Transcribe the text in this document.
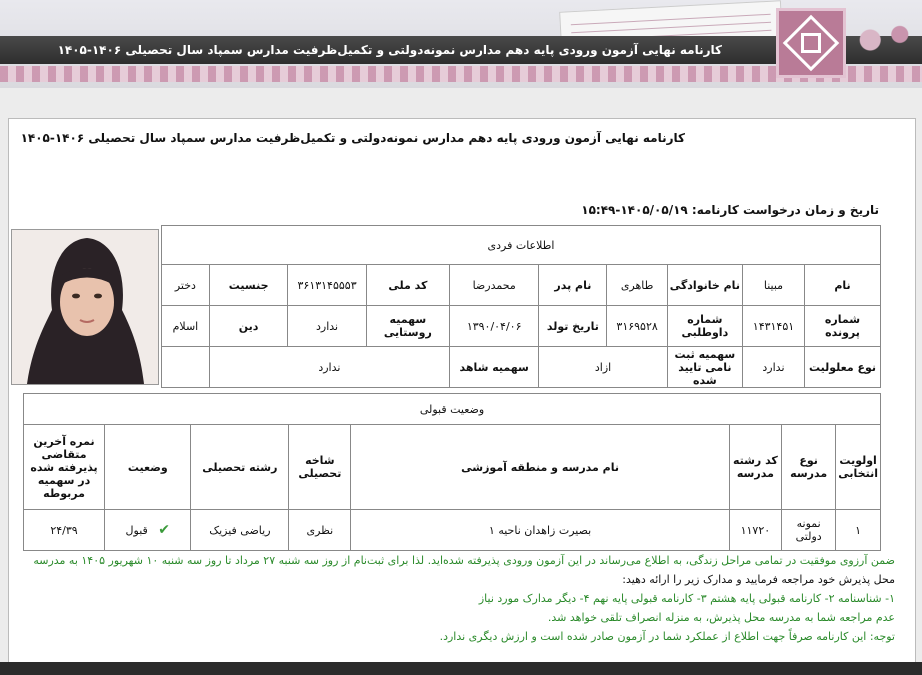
کارنامه نهایی آزمون ورودی پایه دهم مدارس نمونه‌دولتی و تکمیل‌ظرفیت مدارس سمپاد سال تحصیلی ۱۴۰۶-۱۴۰۵
کارنامه نهایی آزمون ورودی پایه دهم مدارس نمونه‌دولتی و تکمیل‌ظرفیت مدارس سمپاد سال تحصیلی ۱۴۰۶-۱۴۰۵
تاریخ و زمان درخواست کارنامه: ۱۴۰۵/۰۵/۱۹-۱۵:۴۹
اطلاعات فردی									
نام	مبینا	نام خانوادگی	طاهری	نام پدر	محمدرضا	کد ملی	۳۶۱۳۱۴۵۵۵۳	جنسیت	دختر
شماره پرونده	۱۴۳۱۴۵۱	شماره داوطلبی	۳۱۶۹۵۲۸	تاریخ تولد	۱۳۹۰/۰۴/۰۶	سهمیه روستایی	ندارد	دین	اسلام
نوع معلولیت	ندارد	سهمیه ثبت نامی تایید شده	ازاد		سهمیه شاهد	ندارد			
وضعیت قبولی							
اولویت انتخابی	نوع مدرسه	کد رشته مدرسه	نام مدرسه و منطقه آموزشی	شاخه تحصیلی	رشته تحصیلی	وضعیت	نمره آخرین متقاضی پذیرفته شده در سهمیه مربوطه
۱	نمونه دولتی	۱۱۷۲۰	بصیرت زاهدان ناحیه ۱	نظری	ریاضی فیزیک	✔   قبول	۲۴/۳۹
ضمن آرزوی موفقیت در تمامی مراحل زندگی، به اطلاع می‌رساند در این آزمون ورودی پذیرفته شده‌اید. لذا برای ثبت‌نام از روز سه شنبه ۲۷ مرداد تا روز سه شنبه ۱۰ شهریور ۱۴۰۵ به مدرسه
محل پذیرش خود مراجعه فرمایید و مدارک زیر را ارائه دهید:
۱- شناسنامه ۲- کارنامه قبولی پایه هشتم ۳- کارنامه قبولی پایه نهم ۴- دیگر مدارک مورد نیاز
عدم مراجعه شما به مدرسه محل پذیرش، به منزله انصراف تلقی خواهد شد.
توجه: این کارنامه صرفاً جهت اطلاع از عملکرد شما در آزمون صادر شده است و ارزش دیگری ندارد.
